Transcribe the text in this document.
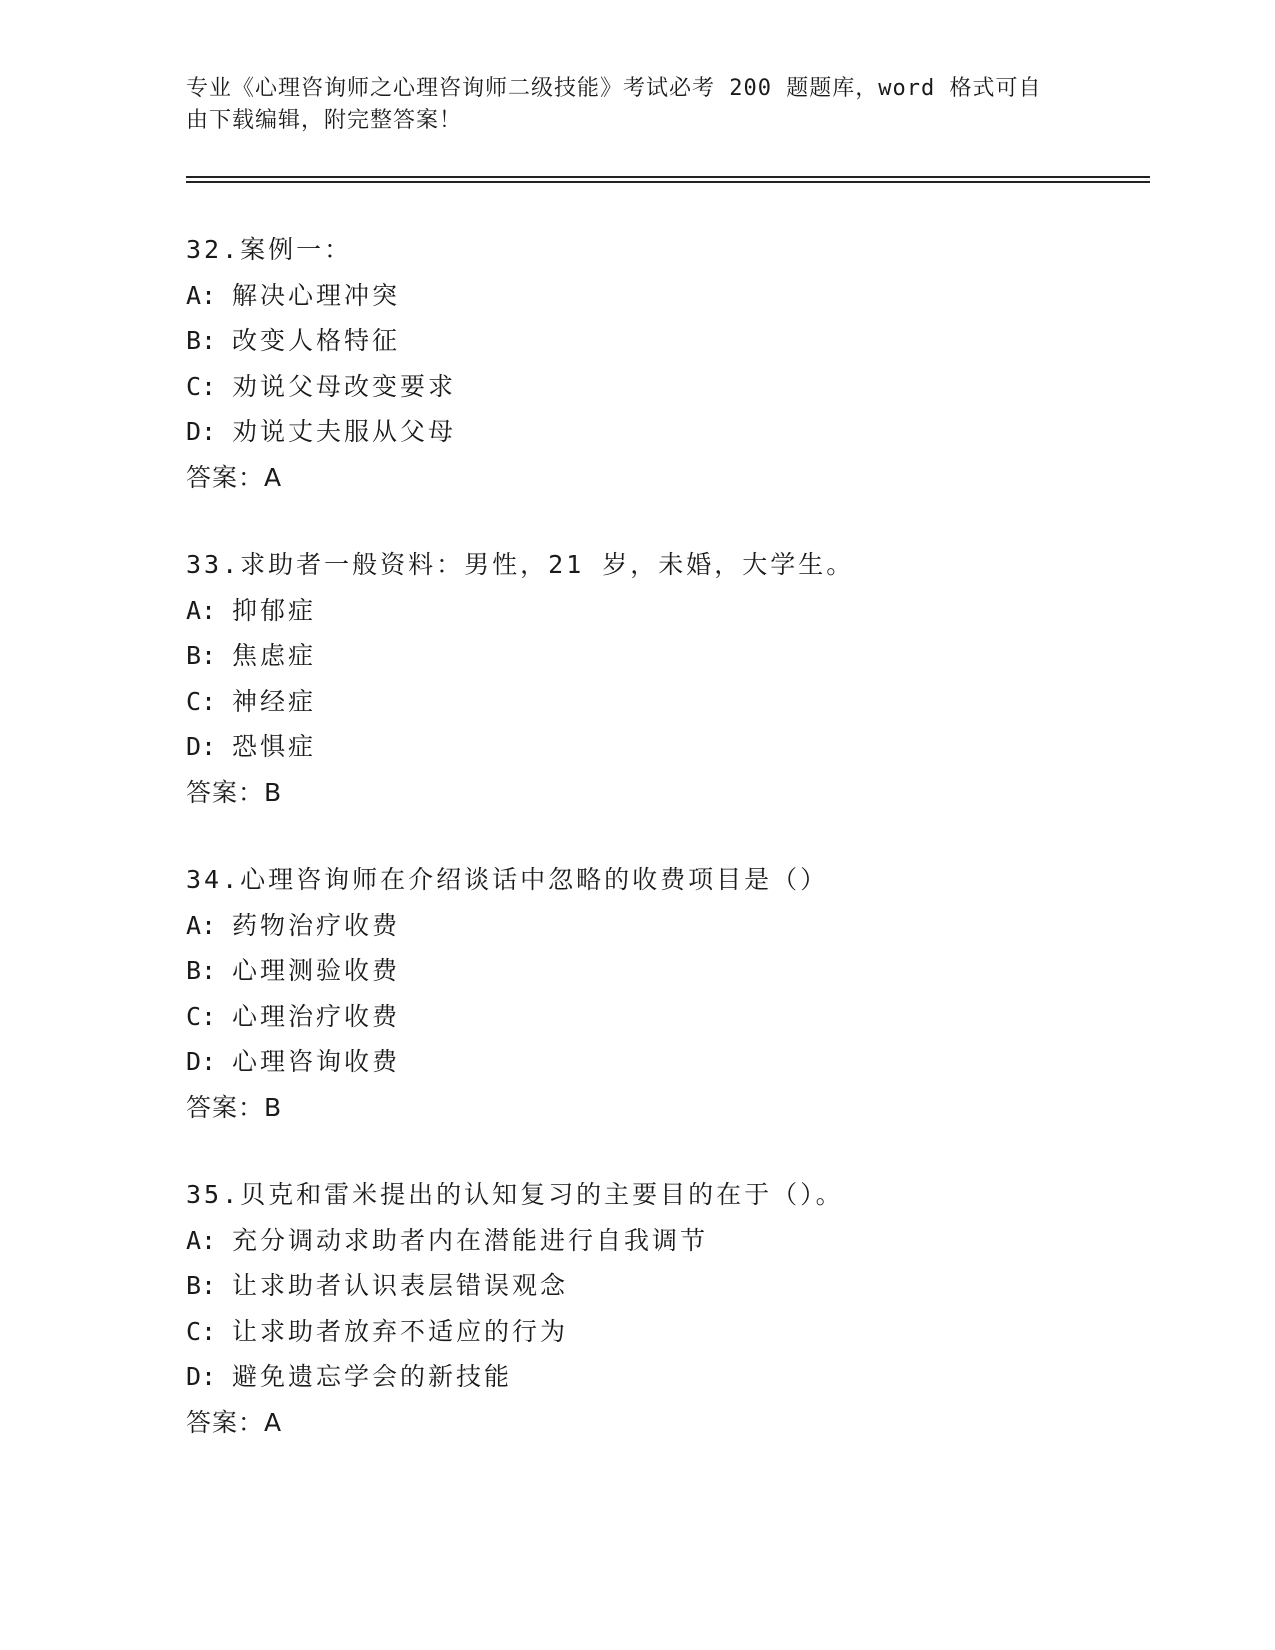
专业《心理咨询师之心理咨询师二级技能》考试必考 200 题题库，word 格式可自
由下载编辑，附完整答案！
32.案例一：
A: 解决心理冲突
B: 改变人格特征
C: 劝说父母改变要求
D: 劝说丈夫服从父母
答案：A
33.求助者一般资料：男性，21 岁，未婚，大学生。
A: 抑郁症
B: 焦虑症
C: 神经症
D: 恐惧症
答案：B
34.心理咨询师在介绍谈话中忽略的收费项目是（）
A: 药物治疗收费
B: 心理测验收费
C: 心理治疗收费
D: 心理咨询收费
答案：B
35.贝克和雷米提出的认知复习的主要目的在于（）。
A: 充分调动求助者内在潜能进行自我调节
B: 让求助者认识表层错误观念
C: 让求助者放弃不适应的行为
D: 避免遗忘学会的新技能
答案：A
